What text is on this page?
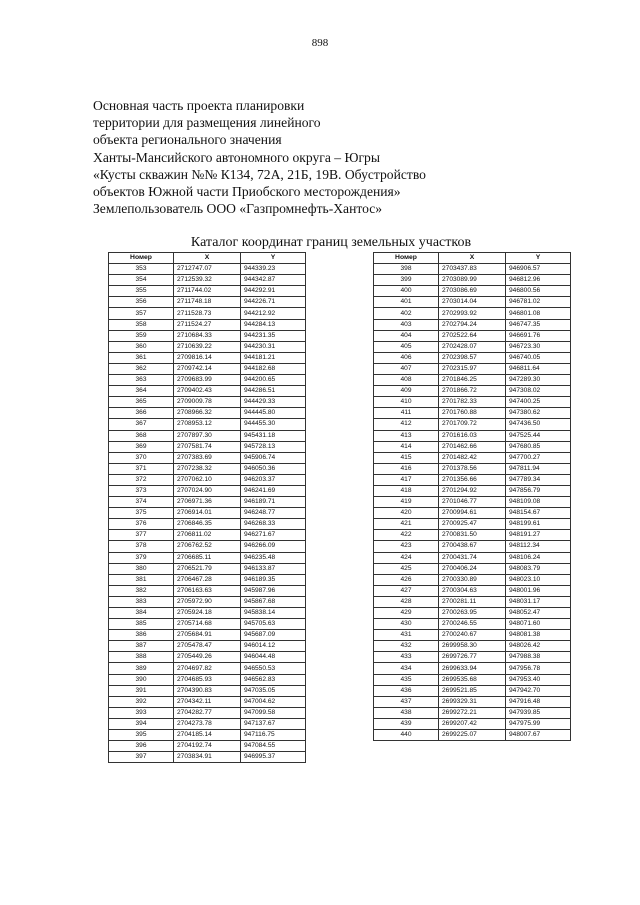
898
Основная часть проекта планировки
территории для размещения линейного
объекта регионального значения
Ханты-Мансийского автономного округа – Югры
«Кусты скважин №№ К134, 72А, 21Б, 19В. Обустройство
объектов Южной части Приобского месторождения»
Землепользователь ООО «Газпромнефть-Хантос»
Каталог координат границ земельных участков
Номер	X	Y
353	2712747.07	944339.23
354	2712539.32	944342.87
355	2711744.02	944292.91
356	2711748.18	944226.71
357	2711528.73	944212.92
358	2711524.27	944284.13
359	2710684.33	944231.35
360	2710639.22	944230.31
361	2709816.14	944181.21
362	2709742.14	944182.68
363	2709683.99	944200.65
364	2709402.43	944286.51
365	2709009.78	944429.33
366	2708966.32	944445.80
367	2708953.12	944455.30
368	2707897.30	945431.18
369	2707581.74	945728.13
370	2707383.69	945906.74
371	2707238.32	946050.36
372	2707062.10	946203.37
373	2707024.90	946241.69
374	2706971.36	946189.71
375	2706914.01	946248.77
376	2706846.35	946268.33
377	2706811.02	946271.67
378	2706762.52	946266.09
379	2706685.11	946235.48
380	2706521.79	946133.87
381	2706467.28	946189.35
382	2706163.63	945987.96
383	2705972.90	945867.68
384	2705924.18	945838.14
385	2705714.68	945705.63
386	2705684.91	945687.09
387	2705478.47	946014.12
388	2705449.26	946044.48
389	2704697.82	946550.53
390	2704685.93	946562.83
391	2704390.83	947035.05
392	2704342.11	947004.62
393	2704282.77	947099.58
394	2704273.78	947137.67
395	2704185.14	947116.75
396	2704192.74	947084.55
397	2703834.91	946995.37
Номер	X	Y
398	2703437.83	946906.57
399	2703089.99	946812.96
400	2703086.69	946800.56
401	2703014.04	946781.02
402	2702993.92	946801.08
403	2702794.24	946747.35
404	2702522.64	946691.76
405	2702428.07	946723.30
406	2702398.57	946740.05
407	2702315.97	946811.64
408	2701846.25	947289.30
409	2701866.72	947308.02
410	2701782.33	947400.25
411	2701760.88	947380.62
412	2701709.72	947436.50
413	2701616.03	947525.44
414	2701462.66	947680.85
415	2701482.42	947700.27
416	2701378.56	947811.94
417	2701356.66	947789.34
418	2701294.92	947856.79
419	2701046.77	948109.08
420	2700994.61	948154.67
421	2700925.47	948199.61
422	2700831.50	948191.27
423	2700438.67	948112.34
424	2700431.74	948106.24
425	2700406.24	948083.79
426	2700330.89	948023.10
427	2700304.63	948001.96
428	2700281.11	948031.17
429	2700263.95	948052.47
430	2700246.55	948071.60
431	2700240.67	948081.38
432	2699958.30	948026.42
433	2699726.77	947988.38
434	2699633.94	947956.78
435	2699535.68	947953.40
436	2699521.85	947942.70
437	2699329.31	947916.48
438	2699272.21	947939.85
439	2699207.42	947975.99
440	2699225.07	948007.67
